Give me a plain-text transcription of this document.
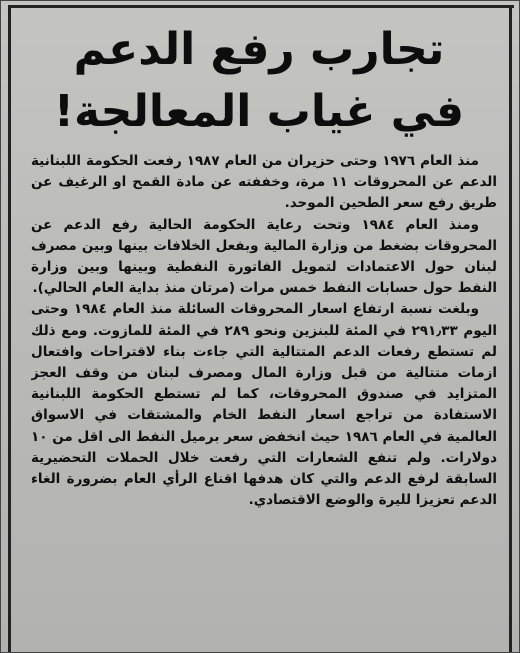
تجارب رفع الدعم
في غياب المعالجة!

منذ العام ١٩٧٦ وحتى حزيران من العام ١٩٨٧ رفعت الحكومة اللبنانية الدعم عن المحروقات ١١ مرة، وخففته عن مادة القمح او الرغيف عن طريق رفع سعر الطحين الموحد.

ومنذ العام ١٩٨٤ وتحت رعاية الحكومة الحالية رفع الدعم عن المحروقات بضغط من وزارة المالية وبفعل الخلافات بينها وبين مصرف لبنان حول الاعتمادات لتمويل الفاتورة النفطية وبينها وبين وزارة النفط حول حسابات النفط خمس مرات (مرتان منذ بداية العام الحالي).

وبلغت نسبة ارتفاع اسعار المحروقات السائلة منذ العام ١٩٨٤ وحتى اليوم ٢٩١٫٣٣ في المئة للبنزين ونحو ٢٨٩ في المئة للمازوت. ومع ذلك لم تستطع رفعات الدعم المتتالية التي جاءت بناء لاقتراحات وافتعال ازمات متتالية من قبل وزارة المال ومصرف لبنان من وقف العجز المتزايد في صندوق المحروقات، كما لم تستطع الحكومة اللبنانية الاستفادة من تراجع اسعار النفط الخام والمشتقات في الاسواق العالمية في العام ١٩٨٦ حيث انخفض سعر برميل النفط الى اقل من ١٠ دولارات. ولم تنفع الشعارات التي رفعت خلال الحملات التحضيرية السابقة لرفع الدعم والتي كان هدفها اقناع الرأي العام بضرورة الغاء الدعم تعزيزا لليرة والوضع الاقتصادي.
